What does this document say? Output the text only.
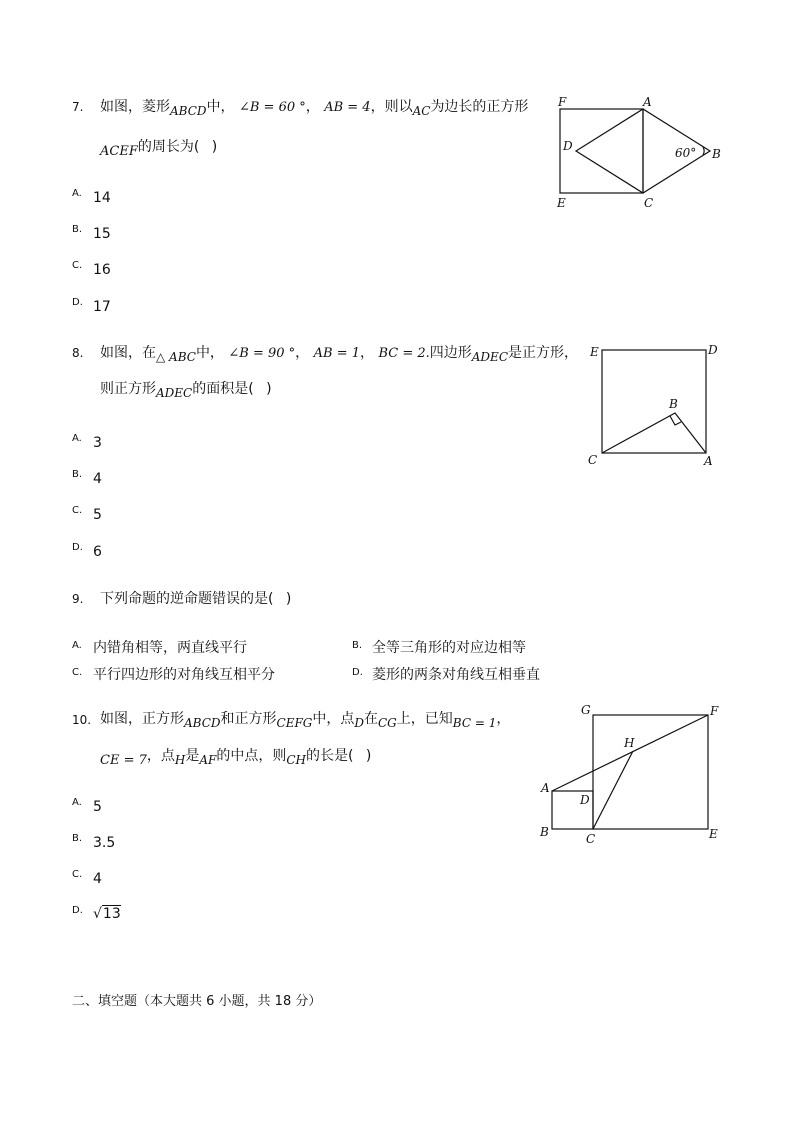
7. 如图，菱形ABCD中， ∠B = 60 °， AB = 4，则以AC为边长的正方形
ACEF的周长为( )
A. 14
B. 15
C. 16
D. 17
F	A
D
B
E	C
60°
8. 如图，在△ ABC中， ∠B = 90 °， AB = 1， BC = 2.四边形ADEC是正方形，
则正方形ADEC的面积是( )
A. 3
B. 4
C. 5
D. 6
E	D
B
C	A
9. 下列命题的逆命题错误的是( )
A. 内错角相等，两直线平行	B. 全等三角形的对应边相等
C. 平行四边形的对角线互相平分	D. 菱形的两条对角线互相垂直
10. 如图，正方形ABCD和正方形CEFG中，点D在CG上，已知BC = 1，
CE = 7，点H是AF的中点，则CH的长是( )
A. 5
B. 3.5
C. 4
D. √13
G	F
H
A
D
B	C	E
二、填空题（本大题共 6 小题，共 18 分）
